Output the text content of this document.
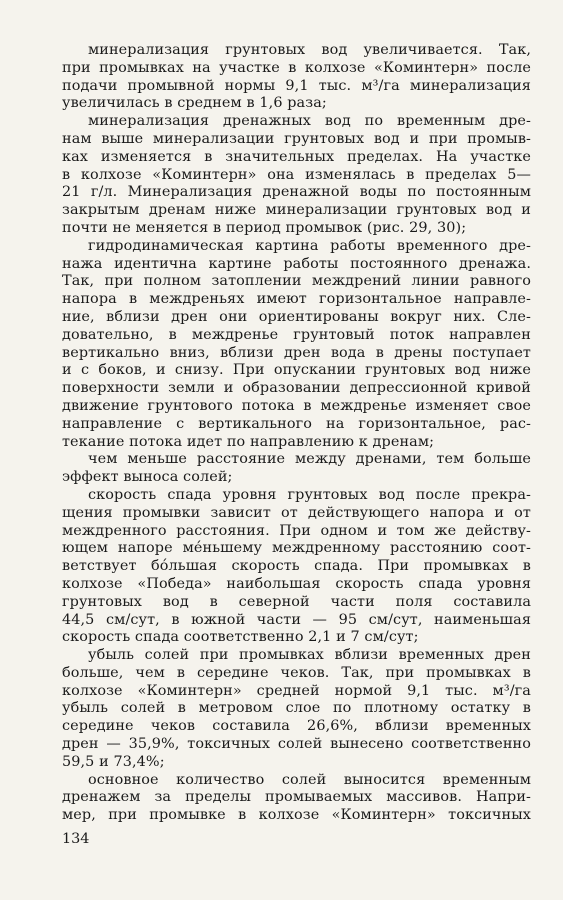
минерализация грунтовых вод увеличивается. Так,
при промывках на участке в колхозе «Коминтерн» после
подачи промывной нормы 9,1 тыс. м³/га минерализация
увеличилась в среднем в 1,6 раза;
минерализация дренажных вод по временным дре-
нам выше минерализации грунтовых вод и при промыв-
ках изменяется в значительных пределах. На участке
в колхозе «Коминтерн» она изменялась в пределах 5—
21 г/л. Минерализация дренажной воды по постоянным
закрытым дренам ниже минерализации грунтовых вод и
почти не меняется в период промывок (рис. 29, 30);
гидродинамическая картина работы временного дре-
нажа идентична картине работы постоянного дренажа.
Так, при полном затоплении междрений линии равного
напора в междреньях имеют горизонтальное направле-
ние, вблизи дрен они ориентированы вокруг них. Сле-
довательно, в междренье грунтовый поток направлен
вертикально вниз, вблизи дрен вода в дрены поступает
и с боков, и снизу. При опускании грунтовых вод ниже
поверхности земли и образовании депрессионной кривой
движение грунтового потока в междренье изменяет свое
направление с вертикального на горизонтальное, рас-
текание потока идет по направлению к дренам;
чем меньше расстояние между дренами, тем больше
эффект выноса солей;
скорость спада уровня грунтовых вод после прекра-
щения промывки зависит от действующего напора и от
междренного расстояния. При одном и том же действу-
ющем напоре мéньшему междренному расстоянию соот-
ветствует бóльшая скорость спада. При промывках в
колхозе «Победа» наибольшая скорость спада уровня
грунтовых вод в северной части поля составила
44,5 см/сут, в южной части — 95 см/сут, наименьшая
скорость спада соответственно 2,1 и 7 см/сут;
убыль солей при промывках вблизи временных дрен
больше, чем в середине чеков. Так, при промывках в
колхозе «Коминтерн» средней нормой 9,1 тыс. м³/га
убыль солей в метровом слое по плотному остатку в
середине чеков составила 26,6%, вблизи временных
дрен — 35,9%, токсичных солей вынесено соответственно
59,5 и 73,4%;
основное количество солей выносится временным
дренажем за пределы промываемых массивов. Напри-
мер, при промывке в колхозе «Коминтерн» токсичных
134
